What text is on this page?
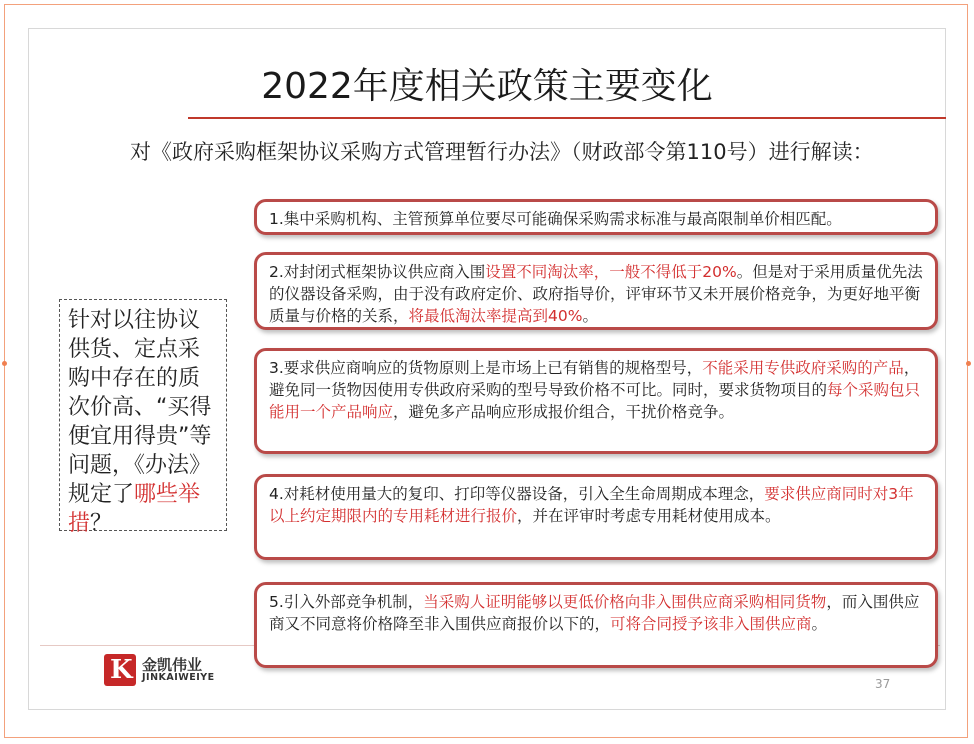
2022年度相关政策主要变化
对《政府采购框架协议采购方式管理暂行办法》（财政部令第110号）进行解读：
针对以往协议供货、定点采购中存在的质次价高、“买得便宜用得贵”等问题，《办法》规定了哪些举措？
1.集中采购机构、主管预算单位要尽可能确保采购需求标准与最高限制单价相匹配。
2.对封闭式框架协议供应商入围设置不同淘汰率，一般不得低于20%。但是对于采用质量优先法的仪器设备采购，由于没有政府定价、政府指导价，评审环节又未开展价格竞争，为更好地平衡质量与价格的关系，将最低淘汰率提高到40%。
3.要求供应商响应的货物原则上是市场上已有销售的规格型号，不能采用专供政府采购的产品，避免同一货物因使用专供政府采购的型号导致价格不可比。同时，要求货物项目的每个采购包只能用一个产品响应，避免多产品响应形成报价组合，干扰价格竞争。
4.对耗材使用量大的复印、打印等仪器设备，引入全生命周期成本理念，要求供应商同时对3年以上约定期限内的专用耗材进行报价，并在评审时考虑专用耗材使用成本。
5.引入外部竞争机制，当采购人证明能够以更低价格向非入围供应商采购相同货物，而入围供应商又不同意将价格降至非入围供应商报价以下的，可将合同授予该非入围供应商。
K 金凯伟业
JINKAIWEIYE	37
